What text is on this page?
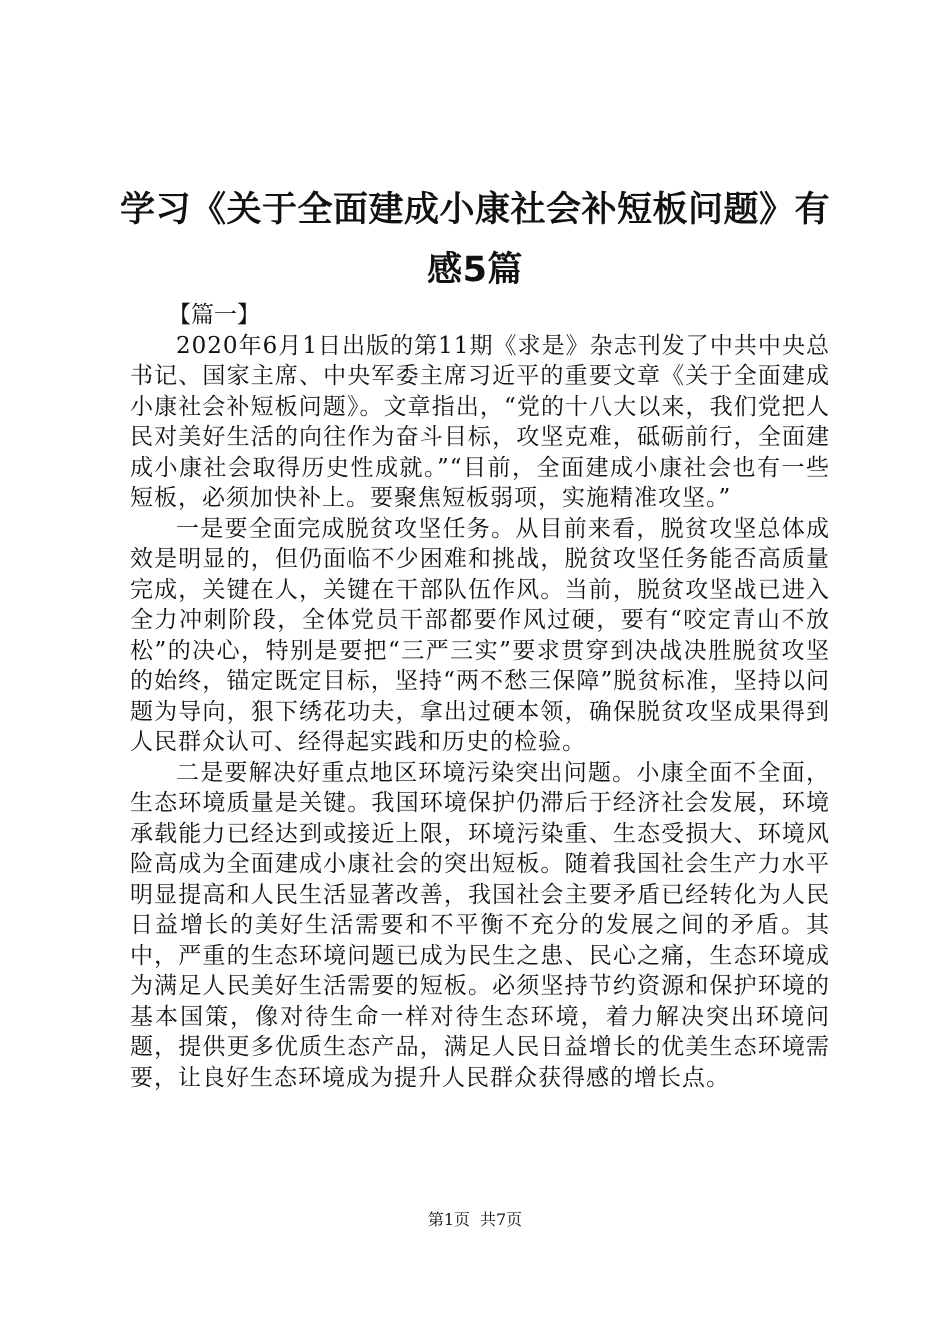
学习《关于全面建成小康社会补短板问题》有感5篇

【篇一】

2020年6月1日出版的第11期《求是》杂志刊发了中共中央总书记、国家主席、中央军委主席习近平的重要文章《关于全面建成小康社会补短板问题》。文章指出，“党的十八大以来，我们党把人民对美好生活的向往作为奋斗目标，攻坚克难，砥砺前行，全面建成小康社会取得历史性成就。”“目前，全面建成小康社会也有一些短板，必须加快补上。要聚焦短板弱项，实施精准攻坚。”

一是要全面完成脱贫攻坚任务。从目前来看，脱贫攻坚总体成效是明显的，但仍面临不少困难和挑战，脱贫攻坚任务能否高质量完成，关键在人，关键在干部队伍作风。当前，脱贫攻坚战已进入全力冲刺阶段，全体党员干部都要作风过硬，要有“咬定青山不放松”的决心，特别是要把“三严三实”要求贯穿到决战决胜脱贫攻坚的始终，锚定既定目标，坚持“两不愁三保障”脱贫标准，坚持以问题为导向，狠下绣花功夫，拿出过硬本领，确保脱贫攻坚成果得到人民群众认可、经得起实践和历史的检验。

二是要解决好重点地区环境污染突出问题。小康全面不全面，生态环境质量是关键。我国环境保护仍滞后于经济社会发展，环境承载能力已经达到或接近上限，环境污染重、生态受损大、环境风险高成为全面建成小康社会的突出短板。随着我国社会生产力水平明显提高和人民生活显著改善，我国社会主要矛盾已经转化为人民日益增长的美好生活需要和不平衡不充分的发展之间的矛盾。其中，严重的生态环境问题已成为民生之患、民心之痛，生态环境成为满足人民美好生活需要的短板。必须坚持节约资源和保护环境的基本国策，像对待生命一样对待生态环境，着力解决突出环境问题，提供更多优质生态产品，满足人民日益增长的优美生态环境需要，让良好生态环境成为提升人民群众获得感的增长点。

第1页 共7页
